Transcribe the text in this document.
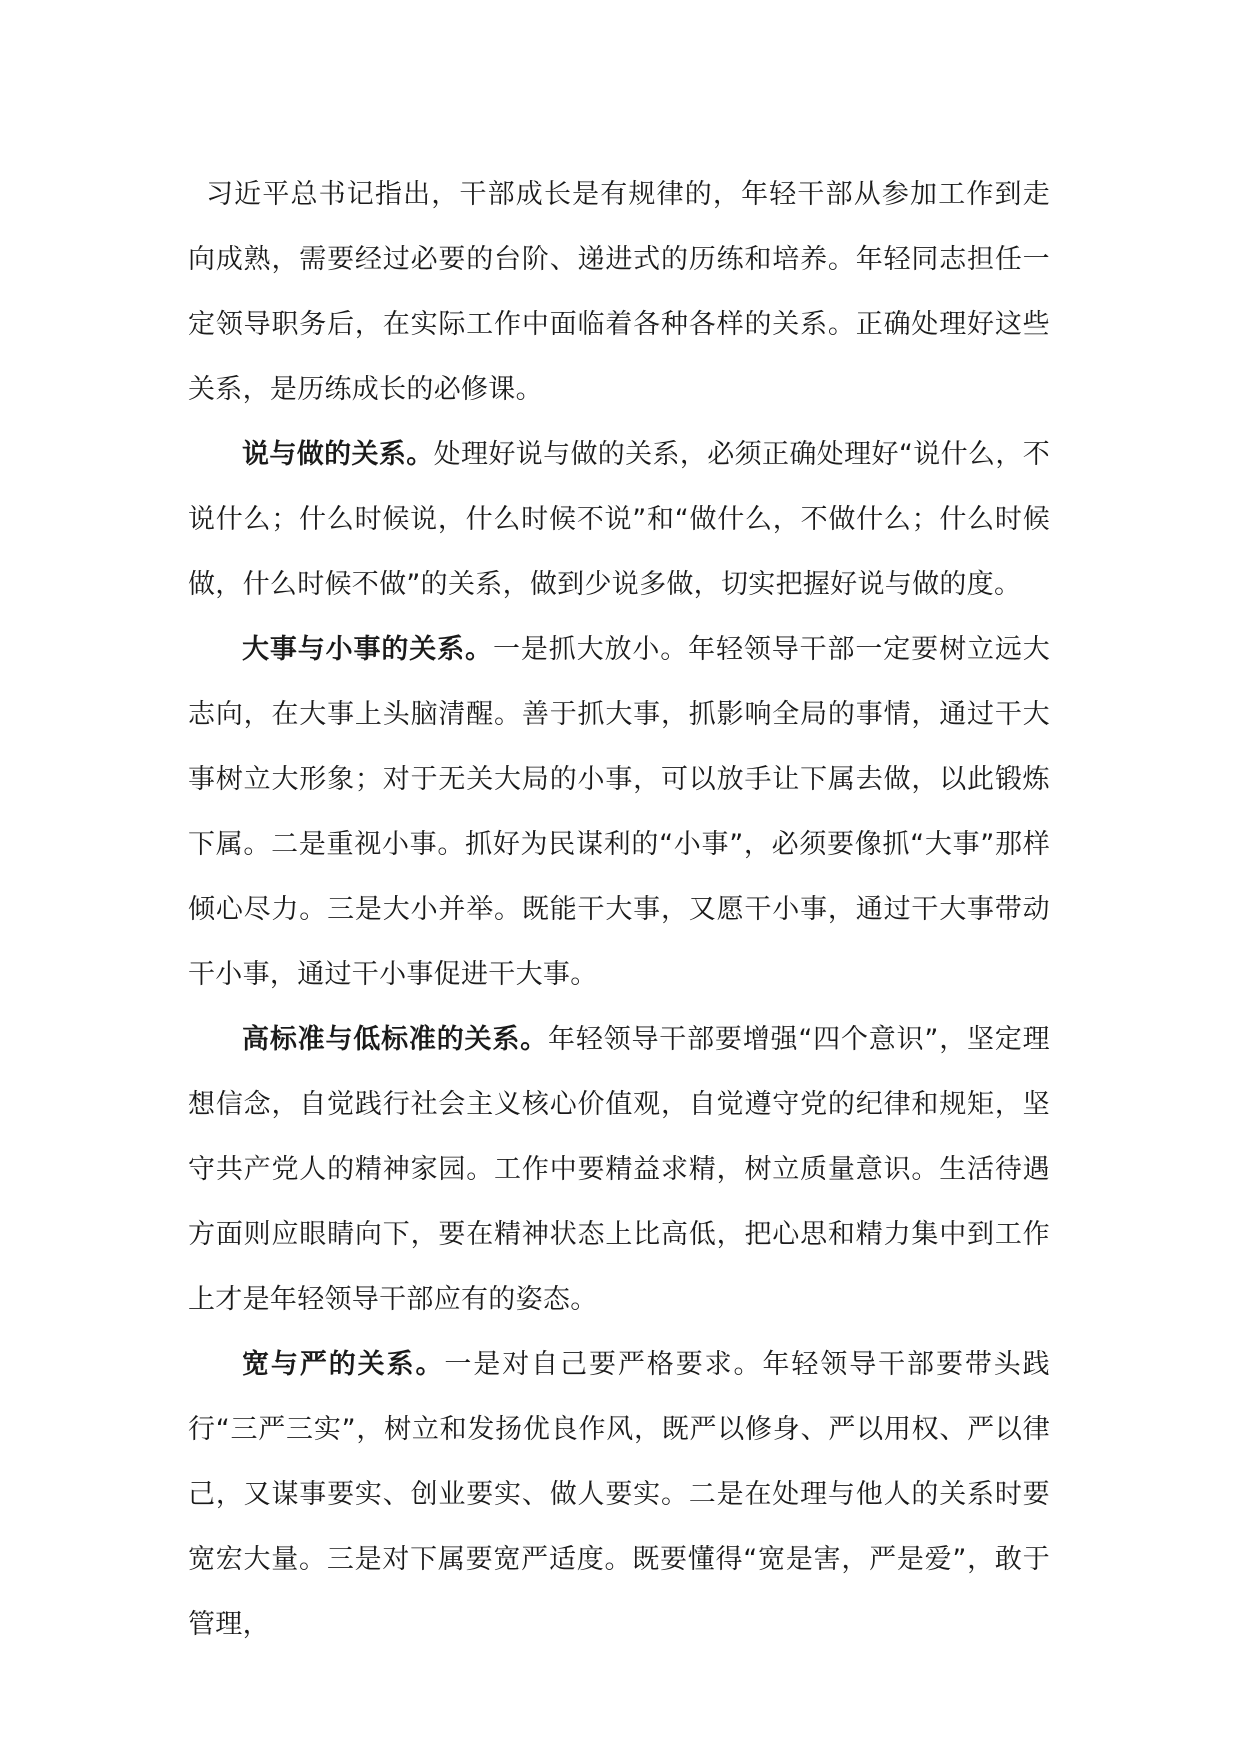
习近平总书记指出，干部成长是有规律的，年轻干部从参加工作到走向成熟，需要经过必要的台阶、递进式的历练和培养。年轻同志担任一定领导职务后，在实际工作中面临着各种各样的关系。正确处理好这些关系，是历练成长的必修课。

说与做的关系。处理好说与做的关系，必须正确处理好“说什么，不说什么；什么时候说，什么时候不说”和“做什么，不做什么；什么时候做，什么时候不做”的关系，做到少说多做，切实把握好说与做的度。

大事与小事的关系。一是抓大放小。年轻领导干部一定要树立远大志向，在大事上头脑清醒。善于抓大事，抓影响全局的事情，通过干大事树立大形象；对于无关大局的小事，可以放手让下属去做，以此锻炼下属。二是重视小事。抓好为民谋利的“小事”，必须要像抓“大事”那样倾心尽力。三是大小并举。既能干大事，又愿干小事，通过干大事带动干小事，通过干小事促进干大事。

高标准与低标准的关系。年轻领导干部要增强“四个意识”，坚定理想信念，自觉践行社会主义核心价值观，自觉遵守党的纪律和规矩，坚守共产党人的精神家园。工作中要精益求精，树立质量意识。生活待遇方面则应眼睛向下，要在精神状态上比高低，把心思和精力集中到工作上才是年轻领导干部应有的姿态。

宽与严的关系。一是对自己要严格要求。年轻领导干部要带头践行“三严三实”，树立和发扬优良作风，既严以修身、严以用权、严以律己，又谋事要实、创业要实、做人要实。二是在处理与他人的关系时要宽宏大量。三是对下属要宽严适度。既要懂得“宽是害，严是爱”，敢于管理，
